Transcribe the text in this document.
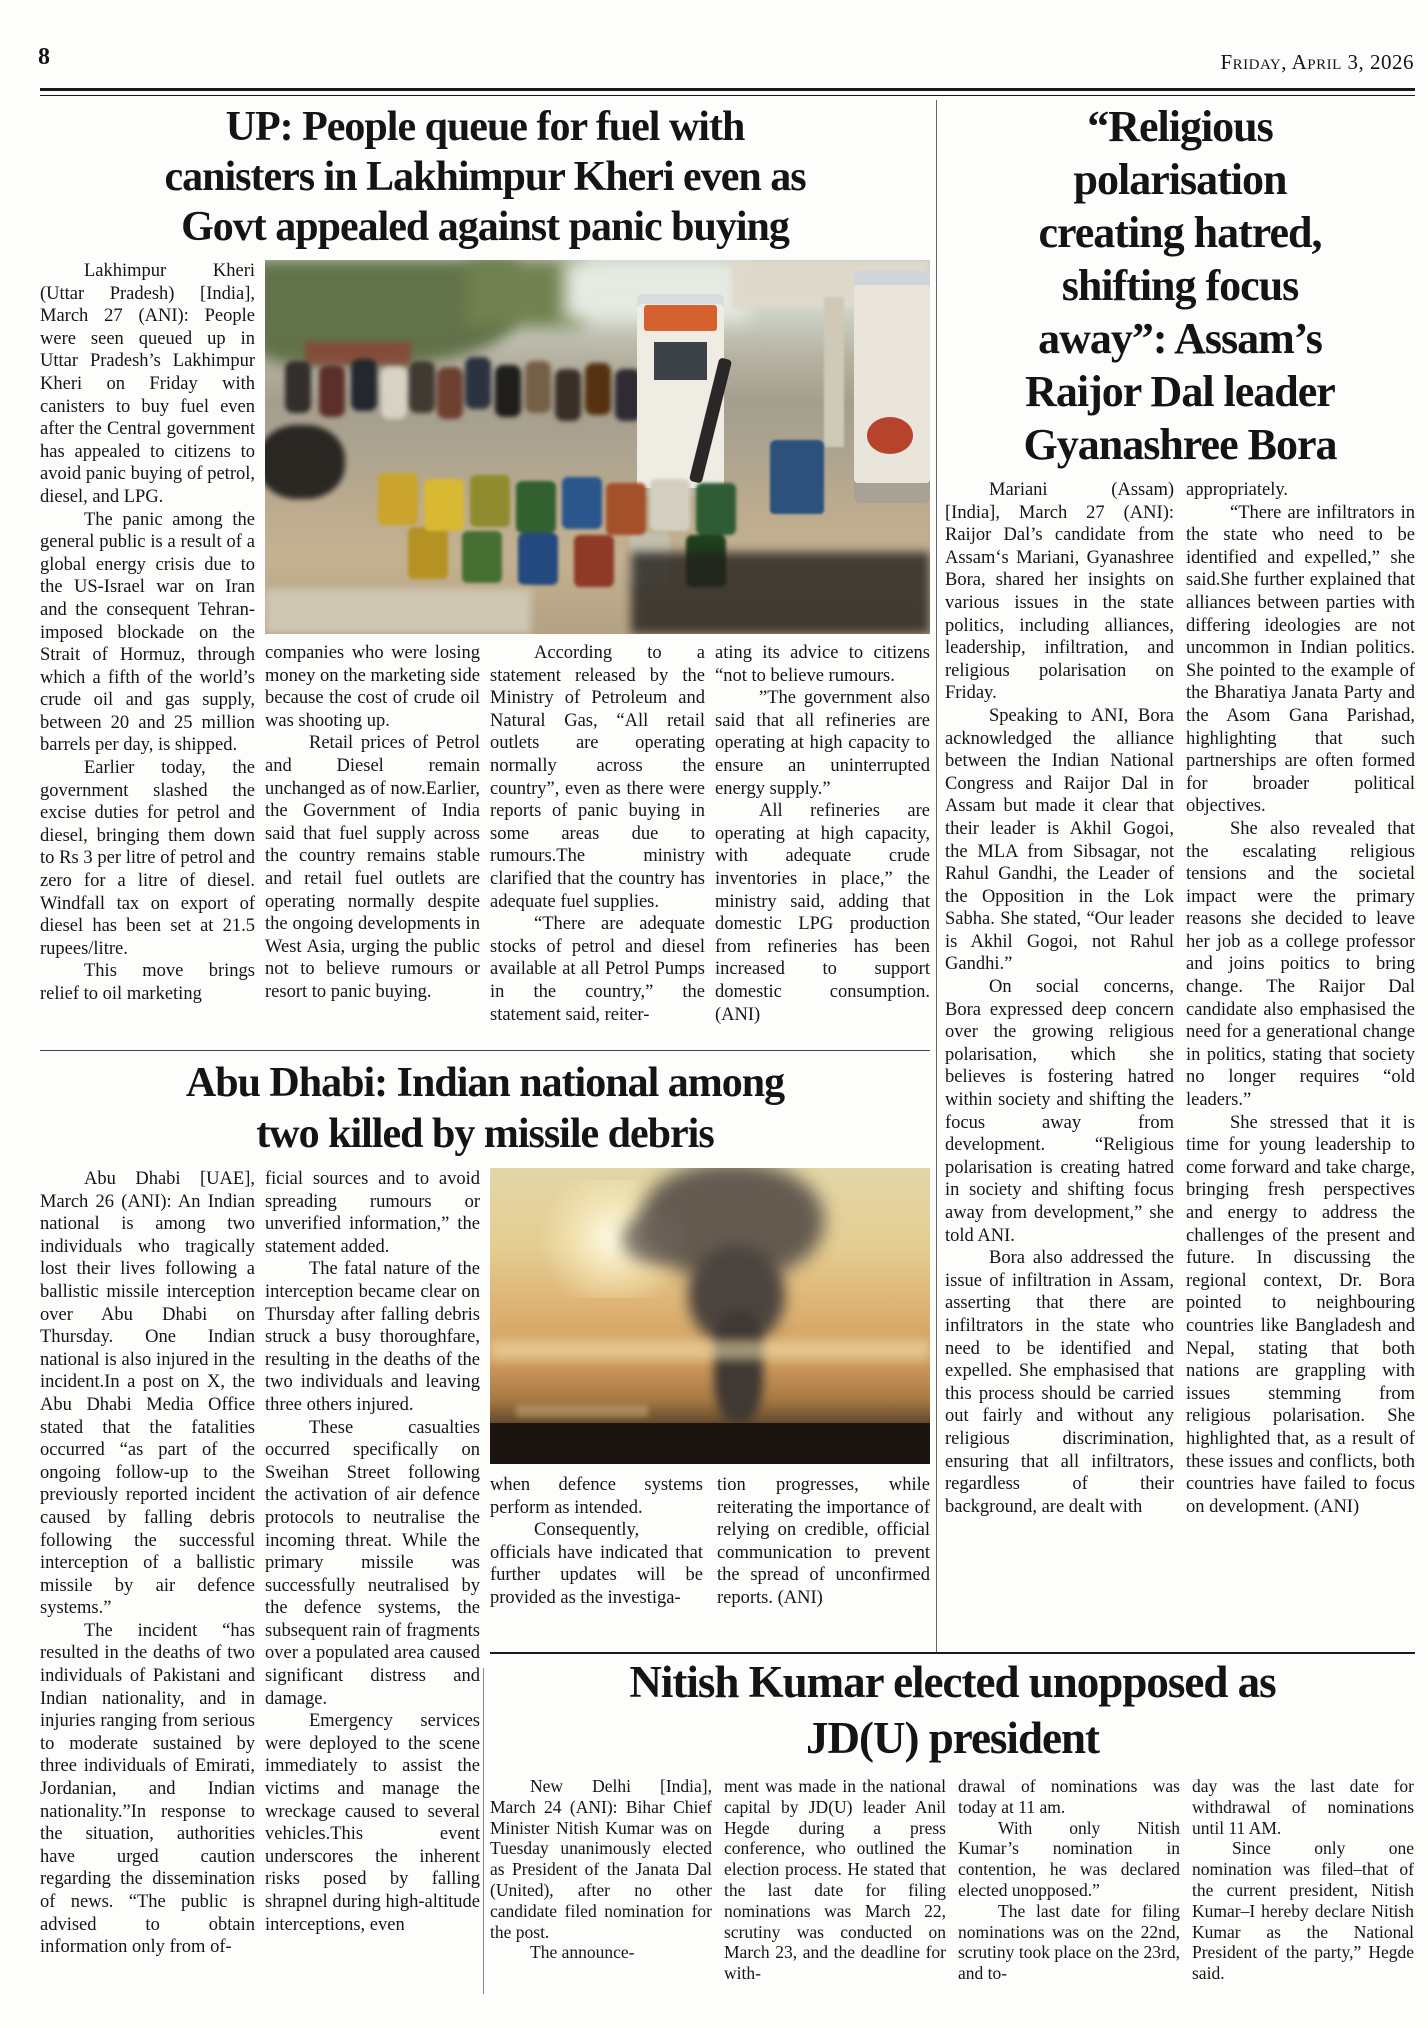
8	Friday, April 3, 2026
UP: People queue for fuel with
canisters in Lakhimpur Kheri even as
Govt appealed against panic buying

Lakhimpur Kheri (Uttar Pradesh) [India], March 27 (ANI): People were seen queued up in Uttar Pradesh’s Lakhimpur Kheri on Friday with canisters to buy fuel even after the Central government has appealed to citizens to avoid panic buying of petrol, diesel, and LPG.

The panic among the general public is a result of a global energy crisis due to the US-Israel war on Iran and the consequent Tehran-imposed blockade on the Strait of Hormuz, through which a fifth of the world’s crude oil and gas supply, between 20 and 25 million barrels per day, is shipped.

Earlier today, the government slashed the excise duties for petrol and diesel, bringing them down to Rs 3 per litre of petrol and zero for a litre of diesel. Windfall tax on export of diesel has been set at 21.5 rupees/litre.

This move brings relief to oil marketing

companies who were losing money on the marketing side because the cost of crude oil was shooting up.

Retail prices of Petrol and Diesel remain unchanged as of now.Earlier, the Government of India said that fuel supply across the country remains stable and retail fuel outlets are operating normally despite the ongoing developments in West Asia, urging the public not to believe rumours or resort to panic buying.

According to a statement released by the Ministry of Petroleum and Natural Gas, “All retail outlets are operating normally across the country”, even as there were reports of panic buying in some areas due to rumours.The ministry clarified that the country has adequate fuel supplies.

“There are adequate stocks of petrol and diesel available at all Petrol Pumps in the country,” the statement said, reiter-

ating its advice to citizens “not to believe rumours.

”The government also said that all refineries are operating at high capacity to ensure an uninterrupted energy supply.”

All refineries are operating at high capacity, with adequate crude inventories in place,” the ministry said, adding that domestic LPG production from refineries has been increased to support domestic consumption. (ANI)

Abu Dhabi: Indian national among
two killed by missile debris

Abu Dhabi [UAE], March 26 (ANI): An Indian national is among two individuals who tragically lost their lives following a ballistic missile interception over Abu Dhabi on Thursday. One Indian national is also injured in the incident.In a post on X, the Abu Dhabi Media Office stated that the fatalities occurred “as part of the ongoing follow-up to the previously reported incident caused by falling debris following the successful interception of a ballistic missile by air defence systems.”

The incident “has resulted in the deaths of two individuals of Pakistani and Indian nationality, and in injuries ranging from serious to moderate sustained by three individuals of Emirati, Jordanian, and Indian nationality.”In response to the situation, authorities have urged caution regarding the dissemination of news. “The public is advised to obtain information only from of-

ficial sources and to avoid spreading rumours or unverified information,” the statement added.

The fatal nature of the interception became clear on Thursday after falling debris struck a busy thoroughfare, resulting in the deaths of the two individuals and leaving three others injured.

These casualties occurred specifically on Sweihan Street following the activation of air defence protocols to neutralise the incoming threat. While the primary missile was successfully neutralised by the defence systems, the subsequent rain of fragments over a populated area caused significant distress and damage.

Emergency services were deployed to the scene immediately to assist the victims and manage the wreckage caused to several vehicles.This event underscores the inherent risks posed by falling shrapnel during high-altitude interceptions, even

when defence systems perform as intended.

Consequently, officials have indicated that further updates will be provided as the investiga-

tion progresses, while reiterating the importance of relying on credible, official communication to prevent the spread of unconfirmed reports. (ANI)

“Religious
polarisation
creating hatred,
shifting focus
away”: Assam’s
Raijor Dal leader
Gyanashree Bora

Mariani (Assam) [India], March 27 (ANI): Raijor Dal’s candidate from Assam‘s Mariani, Gyanashree Bora, shared her insights on various issues in the state politics, including alliances, leadership, infiltration, and religious polarisation on Friday.

Speaking to ANI, Bora acknowledged the alliance between the Indian National Congress and Raijor Dal in Assam but made it clear that their leader is Akhil Gogoi, the MLA from Sibsagar, not Rahul Gandhi, the Leader of the Opposition in the Lok Sabha. She stated, “Our leader is Akhil Gogoi, not Rahul Gandhi.”

On social concerns, Bora expressed deep concern over the growing religious polarisation, which she believes is fostering hatred within society and shifting the focus away from development. “Religious polarisation is creating hatred in society and shifting focus away from development,” she told ANI.

Bora also addressed the issue of infiltration in Assam, asserting that there are infiltrators in the state who need to be identified and expelled. She emphasised that this process should be carried out fairly and without any religious discrimination, ensuring that all infiltrators, regardless of their background, are dealt with

appropriately.

“There are infiltrators in the state who need to be identified and expelled,” she said.She further explained that alliances between parties with differing ideologies are not uncommon in Indian politics. She pointed to the example of the Bharatiya Janata Party and the Asom Gana Parishad, highlighting that such partnerships are often formed for broader political objectives.

She also revealed that the escalating religious tensions and the societal impact were the primary reasons she decided to leave her job as a college professor and joins poitics to bring change. The Raijor Dal candidate also emphasised the need for a generational change in politics, stating that society no longer requires “old leaders.”

She stressed that it is time for young leadership to come forward and take charge, bringing fresh perspectives and energy to address the challenges of the present and future. In discussing the regional context, Dr. Bora pointed to neighbouring countries like Bangladesh and Nepal, stating that both nations are grappling with issues stemming from religious polarisation. She highlighted that, as a result of these issues and conflicts, both countries have failed to focus on development. (ANI)

Nitish Kumar elected unopposed as
JD(U) president

New Delhi [India], March 24 (ANI): Bihar Chief Minister Nitish Kumar was on Tuesday unanimously elected as President of the Janata Dal (United), after no other candidate filed nomination for the post.

The announce-

ment was made in the national capital by JD(U) leader Anil Hegde during a press conference, who outlined the election process. He stated that the last date for filing nominations was March 22, scrutiny was conducted on March 23, and the deadline for with-

drawal of nominations was today at 11 am.

With only Nitish Kumar’s nomination in contention, he was declared elected unopposed.”

The last date for filing nominations was on the 22nd, scrutiny took place on the 23rd, and to-

day was the last date for withdrawal of nominations until 11 AM.

Since only one nomination was filed–that of the current president, Nitish Kumar–I hereby declare Nitish Kumar as the National President of the party,” Hegde said.
